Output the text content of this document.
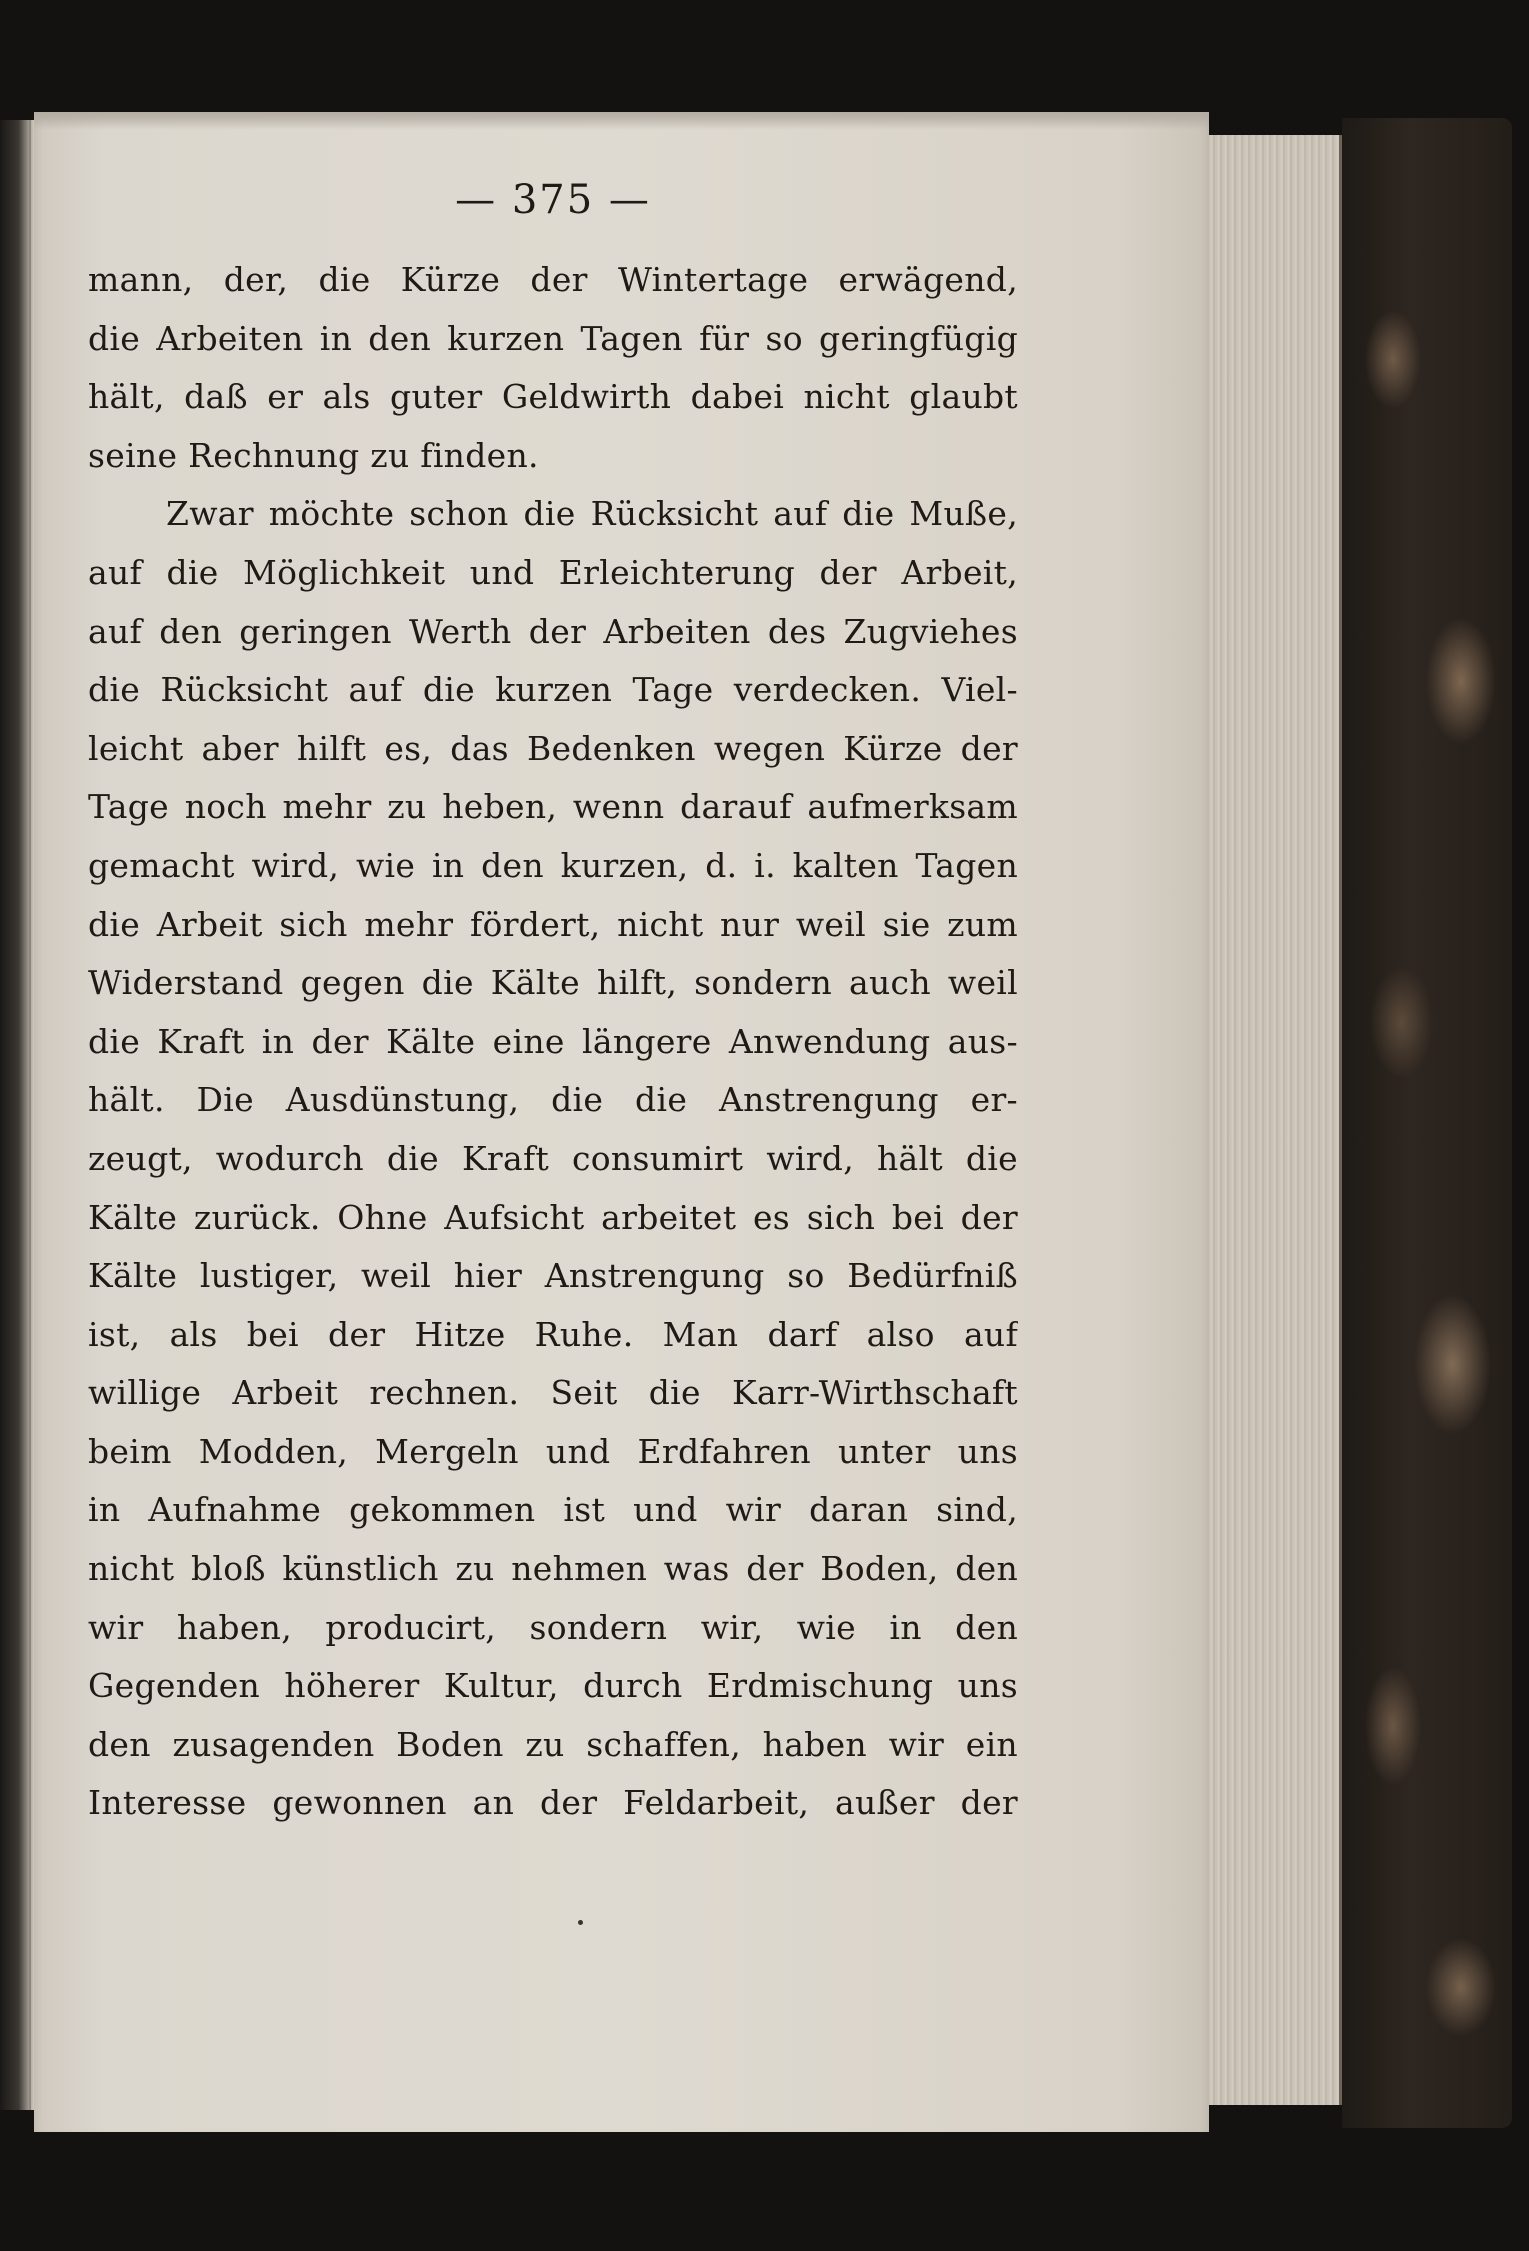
— 375 —
mann, der, die Kürze der Wintertage erwägend,
die Arbeiten in den kurzen Tagen für so geringfügig
hält, daß er als guter Geldwirth dabei nicht glaubt
seine Rechnung zu finden.
Zwar möchte schon die Rücksicht auf die Muße,
auf die Möglichkeit und Erleichterung der Arbeit,
auf den geringen Werth der Arbeiten des Zugviehes
die Rücksicht auf die kurzen Tage verdecken. Viel-
leicht aber hilft es, das Bedenken wegen Kürze der
Tage noch mehr zu heben, wenn darauf aufmerksam
gemacht wird, wie in den kurzen, d. i. kalten Tagen
die Arbeit sich mehr fördert, nicht nur weil sie zum
Widerstand gegen die Kälte hilft, sondern auch weil
die Kraft in der Kälte eine längere Anwendung aus-
hält. Die Ausdünstung, die die Anstrengung er-
zeugt, wodurch die Kraft consumirt wird, hält die
Kälte zurück. Ohne Aufsicht arbeitet es sich bei der
Kälte lustiger, weil hier Anstrengung so Bedürfniß
ist, als bei der Hitze Ruhe. Man darf also auf
willige Arbeit rechnen. Seit die Karr-Wirthschaft
beim Modden, Mergeln und Erdfahren unter uns
in Aufnahme gekommen ist und wir daran sind,
nicht bloß künstlich zu nehmen was der Boden, den
wir haben, producirt, sondern wir, wie in den
Gegenden höherer Kultur, durch Erdmischung uns
den zusagenden Boden zu schaffen, haben wir ein
Interesse gewonnen an der Feldarbeit, außer der
